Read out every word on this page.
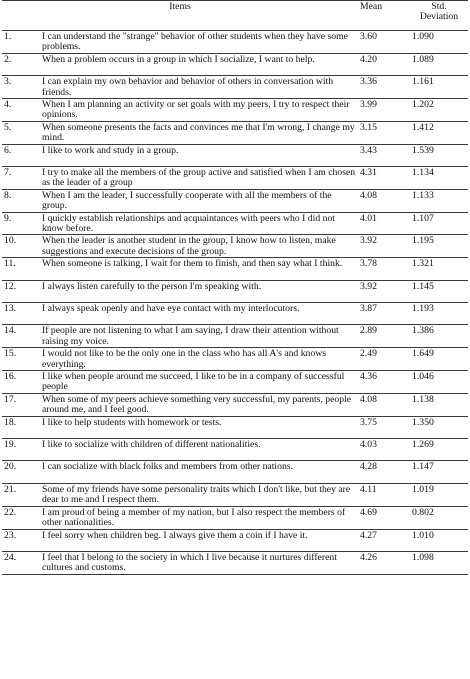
Items		Mean	Std. Deviation
1.	I can understand the "strange" behavior of other students when they have some problems.	3.60	1.090
2.	When a problem occurs in a group in which I socialize, I want to help.	4.20	1.089
3.	I can explain my own behavior and behavior of others in conversation with friends.	3.36	1.161
4.	When I am planning an activity or set goals with my peers, I try to respect their opinions.	3.99	1.202
5.	When someone presents the facts and convinces me that I'm wrong, I change my mind.	3.15	1.412
6.	I like to work and study in a group.	3.43	1.539
7.	I try to make all the members of the group active and satisfied when I am chosen as the leader of a group	4.31	1.134
8.	When I am the leader, I successfully cooperate with all the members of the group.	4.08	1.133
9.	I quickly establish relationships and acquaintances with peers who I did not know before.	4.01	1.107
10.	When the leader is another student in the group, I know how to listen, make suggestions and execute decisions of the group.	3.92	1.195
11.	When someone is talking, I wait for them to finish, and then say what I think.	3.78	1.321
12.	I always listen carefully to the person I'm speaking with.	3.92	1.145
13.	I always speak openly and have eye contact with my interlocutors.	3.87	1.193
14.	If people are not listening to what I am saying, I draw their attention without raising my voice.	2.89	1.386
15.	I would not like to be the only one in the class who has all A's and knows everything.	2.49	1.649
16.	I like when people around me succeed, I like to be in a company of successful people	4.36	1.046
17.	When some of my peers achieve something very successful, my parents, people around me, and I feel good.	4.08	1.138
18.	I like to help students with homework or tests.	3.75	1.350
19.	I like to socialize with children of different nationalities.	4.03	1.269
20.	I can socialize with black folks and members from other nations.	4,28	1.147
21.	Some of my friends have some personality traits which I don't like, but they are dear to me and I respect them.	4.11	1.019
22.	I am proud of being a member of my nation, but I also respect the members of other nationalities.	4.69	0.802
23.	I feel sorry when children beg. I always give them a coin if I have it.	4.27	1.010
24.	I feel that I belong to the society in which I live because it nurtures different cultures and customs.	4.26	1.098
